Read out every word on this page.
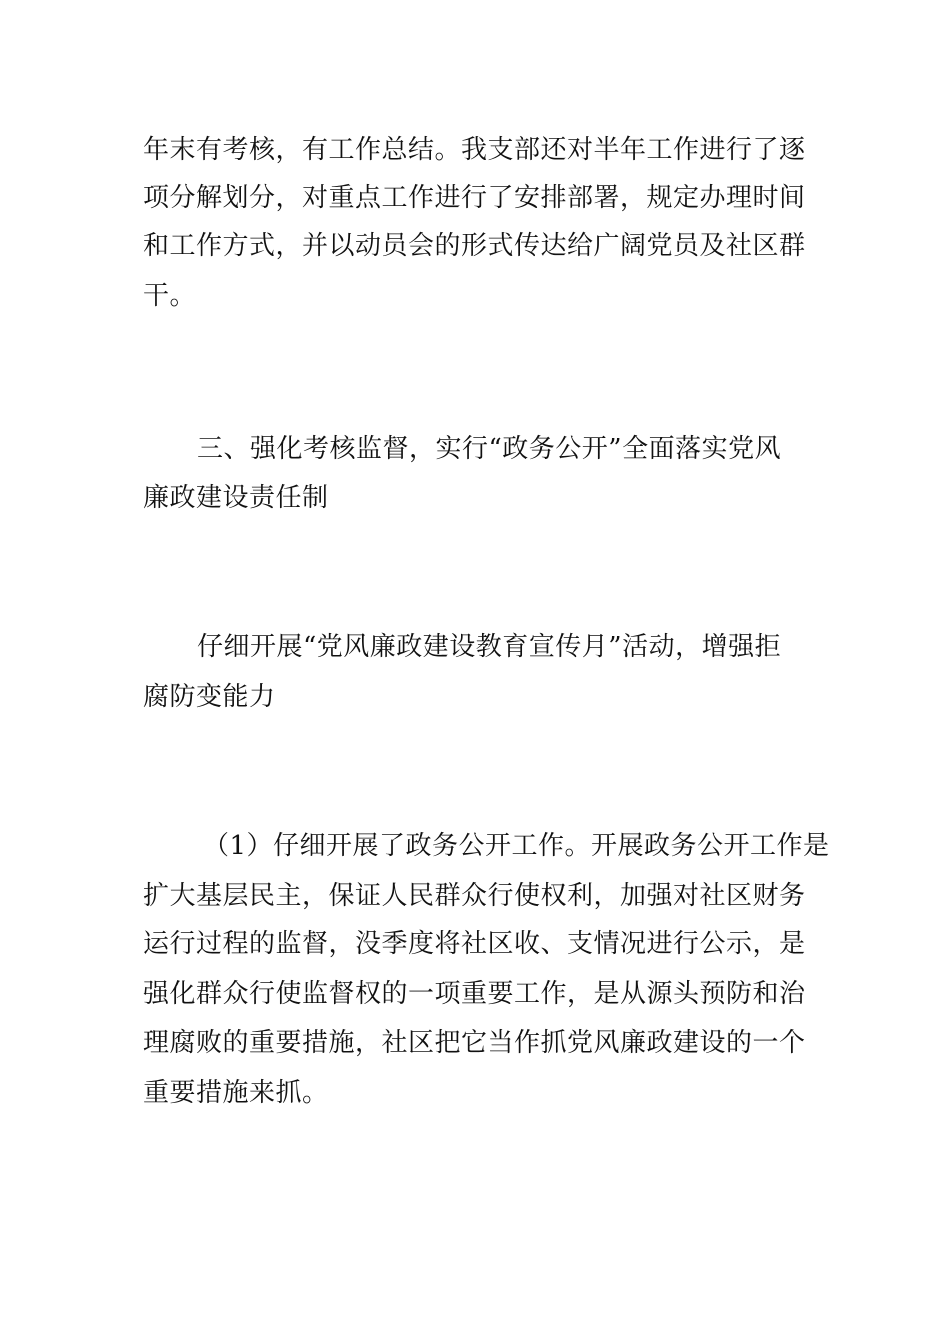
年末有考核，有工作总结。我支部还对半年工作进行了逐
项分解划分，对重点工作进行了安排部署，规定办理时间
和工作方式，并以动员会的形式传达给广阔党员及社区群
干。
三、强化考核监督，实行“政务公开”全面落实党风
廉政建设责任制
仔细开展“党风廉政建设教育宣传月”活动，增强拒
腐防变能力
（1）仔细开展了政务公开工作。开展政务公开工作是
扩大基层民主，保证人民群众行使权利，加强对社区财务
运行过程的监督，没季度将社区收、支情况进行公示，是
强化群众行使监督权的一项重要工作，是从源头预防和治
理腐败的重要措施，社区把它当作抓党风廉政建设的一个
重要措施来抓。
